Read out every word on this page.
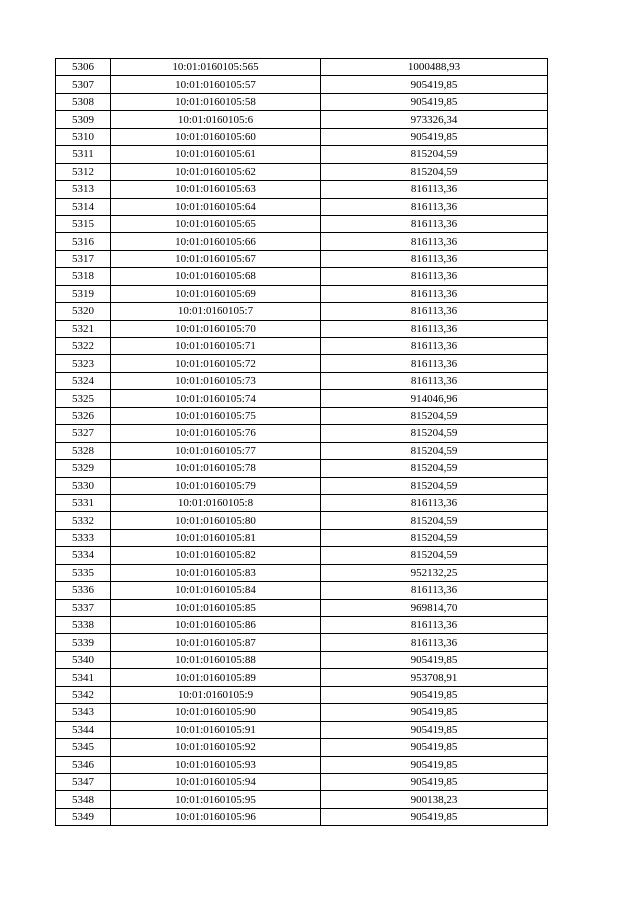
5306	10:01:0160105:565	1000488,93
5307	10:01:0160105:57	905419,85
5308	10:01:0160105:58	905419,85
5309	10:01:0160105:6	973326,34
5310	10:01:0160105:60	905419,85
5311	10:01:0160105:61	815204,59
5312	10:01:0160105:62	815204,59
5313	10:01:0160105:63	816113,36
5314	10:01:0160105:64	816113,36
5315	10:01:0160105:65	816113,36
5316	10:01:0160105:66	816113,36
5317	10:01:0160105:67	816113,36
5318	10:01:0160105:68	816113,36
5319	10:01:0160105:69	816113,36
5320	10:01:0160105:7	816113,36
5321	10:01:0160105:70	816113,36
5322	10:01:0160105:71	816113,36
5323	10:01:0160105:72	816113,36
5324	10:01:0160105:73	816113,36
5325	10:01:0160105:74	914046,96
5326	10:01:0160105:75	815204,59
5327	10:01:0160105:76	815204,59
5328	10:01:0160105:77	815204,59
5329	10:01:0160105:78	815204,59
5330	10:01:0160105:79	815204,59
5331	10:01:0160105:8	816113,36
5332	10:01:0160105:80	815204,59
5333	10:01:0160105:81	815204,59
5334	10:01:0160105:82	815204,59
5335	10:01:0160105:83	952132,25
5336	10:01:0160105:84	816113,36
5337	10:01:0160105:85	969814,70
5338	10:01:0160105:86	816113,36
5339	10:01:0160105:87	816113,36
5340	10:01:0160105:88	905419,85
5341	10:01:0160105:89	953708,91
5342	10:01:0160105:9	905419,85
5343	10:01:0160105:90	905419,85
5344	10:01:0160105:91	905419,85
5345	10:01:0160105:92	905419,85
5346	10:01:0160105:93	905419,85
5347	10:01:0160105:94	905419,85
5348	10:01:0160105:95	900138,23
5349	10:01:0160105:96	905419,85
